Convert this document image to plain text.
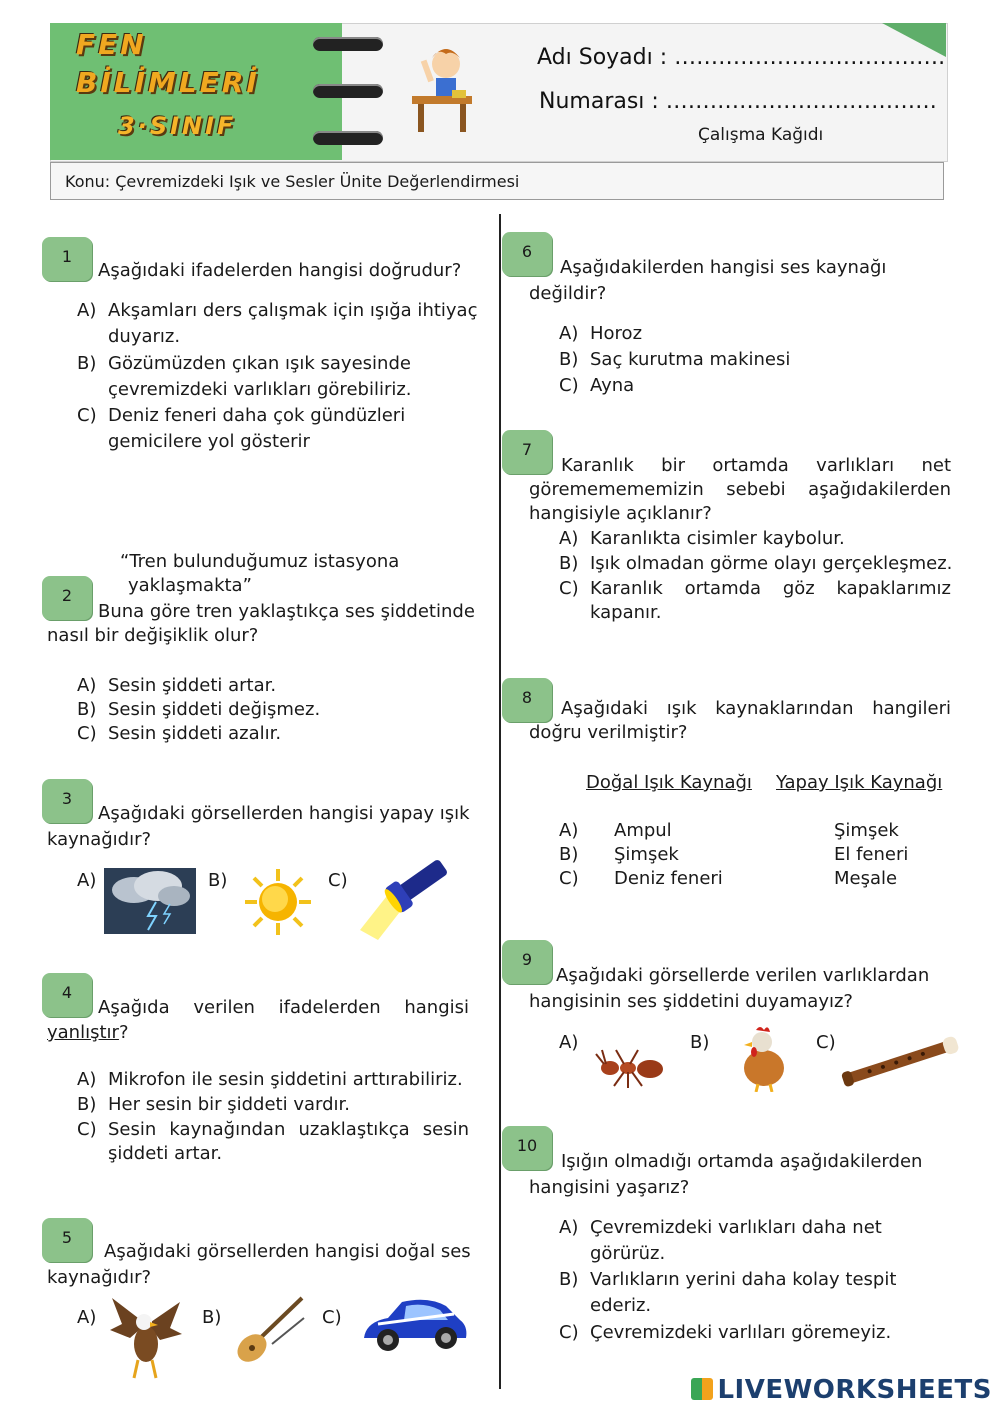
FEN
BİLİMLERİ
3·SINIF
Adı Soyadı : ……………………………….
Numarası : ……………………………….
Çalışma Kağıdı
Konu: Çevremizdeki Işık ve Sesler Ünite Değerlendirmesi
1
Aşağıdaki ifadelerden hangisi doğrudur?
A) Akşamları ders çalışmak için ışığa ihtiyaç
duyarız.
B) Gözümüzden çıkan ışık sayesinde
çevremizdeki varlıkları görebiliriz.
C) Deniz feneri daha çok gündüzleri
gemicilere yol gösterir
“Tren bulunduğumuz istasyona
yaklaşmakta”
2
Buna göre tren yaklaştıkça ses şiddetinde
nasıl bir değişiklik olur?
A) Sesin şiddeti artar.
B) Sesin şiddeti değişmez.
C) Sesin şiddeti azalır.
3
Aşağıdaki görsellerden hangisi yapay ışık
kaynağıdır?
A)	B)	C)
4
Aşağıda verilen ifadelerden hangisi
yanlıştır?
A) Mikrofon ile sesin şiddetini arttırabiliriz.
B) Her sesin bir şiddeti vardır.
C) Sesin kaynağından uzaklaştıkça sesin
şiddeti artar.
5
Aşağıdaki görsellerden hangisi doğal ses
kaynağıdır?
A)	B)	C)
6
Aşağıdakilerden hangisi ses kaynağı
değildir?
A) Horoz
B) Saç kurutma makinesi
C) Ayna
7
Karanlık bir ortamda varlıkları net
görememememizin sebebi aşağıdakilerden
hangisiyle açıklanır?
A) Karanlıkta cisimler kaybolur.
B) Işık olmadan görme olayı gerçekleşmez.
C) Karanlık ortamda göz kapaklarımız
kapanır.
8
Aşağıdaki ışık kaynaklarından hangileri
doğru verilmiştir?
Doğal Işık Kaynağı Yapay Işık Kaynağı
A) Ampul	Şimşek
B) Şimşek	El feneri
C) Deniz feneri	Meşale
9
Aşağıdaki görsellerde verilen varlıklardan
hangisinin ses şiddetini duyamayız?
A)	B)	C)
10
Işığın olmadığı ortamda aşağıdakilerden
hangisini yaşarız?
A) Çevremizdeki varlıkları daha net
görürüz.
B) Varlıkların yerini daha kolay tespit
ederiz.
C) Çevremizdeki varlıları göremeyiz.
LIVEWORKSHEETS
